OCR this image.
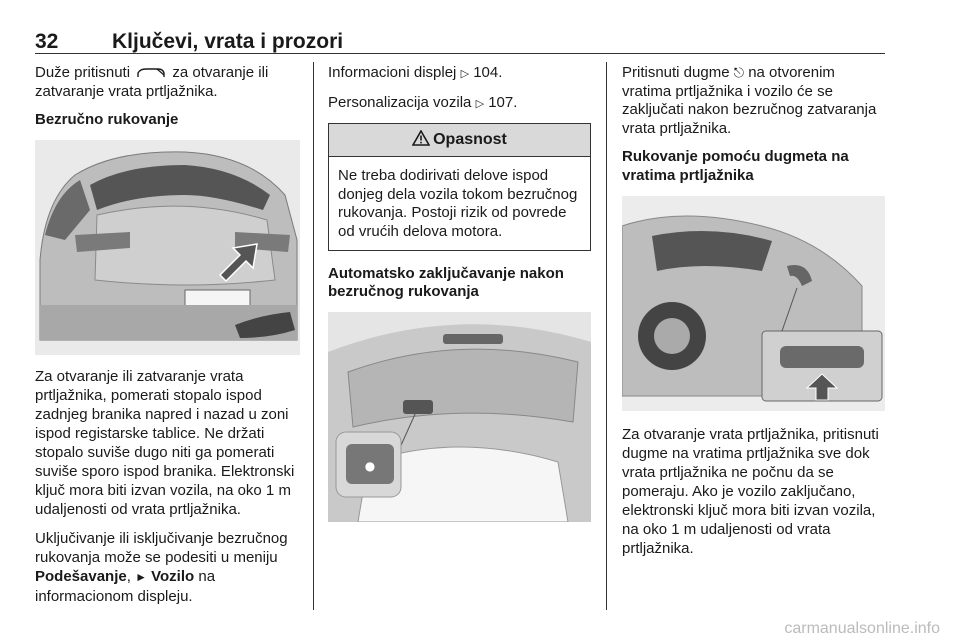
32	Ključevi, vrata i prozori

Duže pritisnuti	za otvaranje ili zatvaranje vrata prtljažnika.

Bezručno rukovanje

Za otvaranje ili zatvaranje vrata prtljažnika, pomerati stopalo ispod zadnjeg branika napred i nazad u zoni ispod registarske tablice. Ne držati stopalo suviše dugo niti ga pomerati suviše sporo ispod branika. Elektronski ključ mora biti izvan vozila, na oko 1 m udaljenosti od vrata prtljažnika.

Uključivanje ili isključivanje bezručnog rukovanja može se podesiti u meniju Podešavanje, ► Vozilo na informacionom displeju.

Informacioni displej ▷ 104.

Personalizacija vozila ▷ 107.

Opasnost
Ne treba dodirivati delove ispod donjeg dela vozila tokom bezručnog rukovanja. Postoji rizik od povrede od vrućih delova motora.
Automatsko zaključavanje nakon bezručnog rukovanja
●

Pritisnuti dugme ⎋ na otvorenim vratima prtljažnika i vozilo će se zaključati nakon bezručnog zatvaranja vrata prtljažnika.

Rukovanje pomoću dugmeta na vratima prtljažnika

Za otvaranje vrata prtljažnika, pritisnuti dugme na vratima prtljažnika sve dok vrata prtljažnika ne počnu da se pomeraju. Ako je vozilo zaključano, elektronski ključ mora biti izvan vozila, na oko 1 m udaljenosti od vrata prtljažnika.

carmanualsonline.info
